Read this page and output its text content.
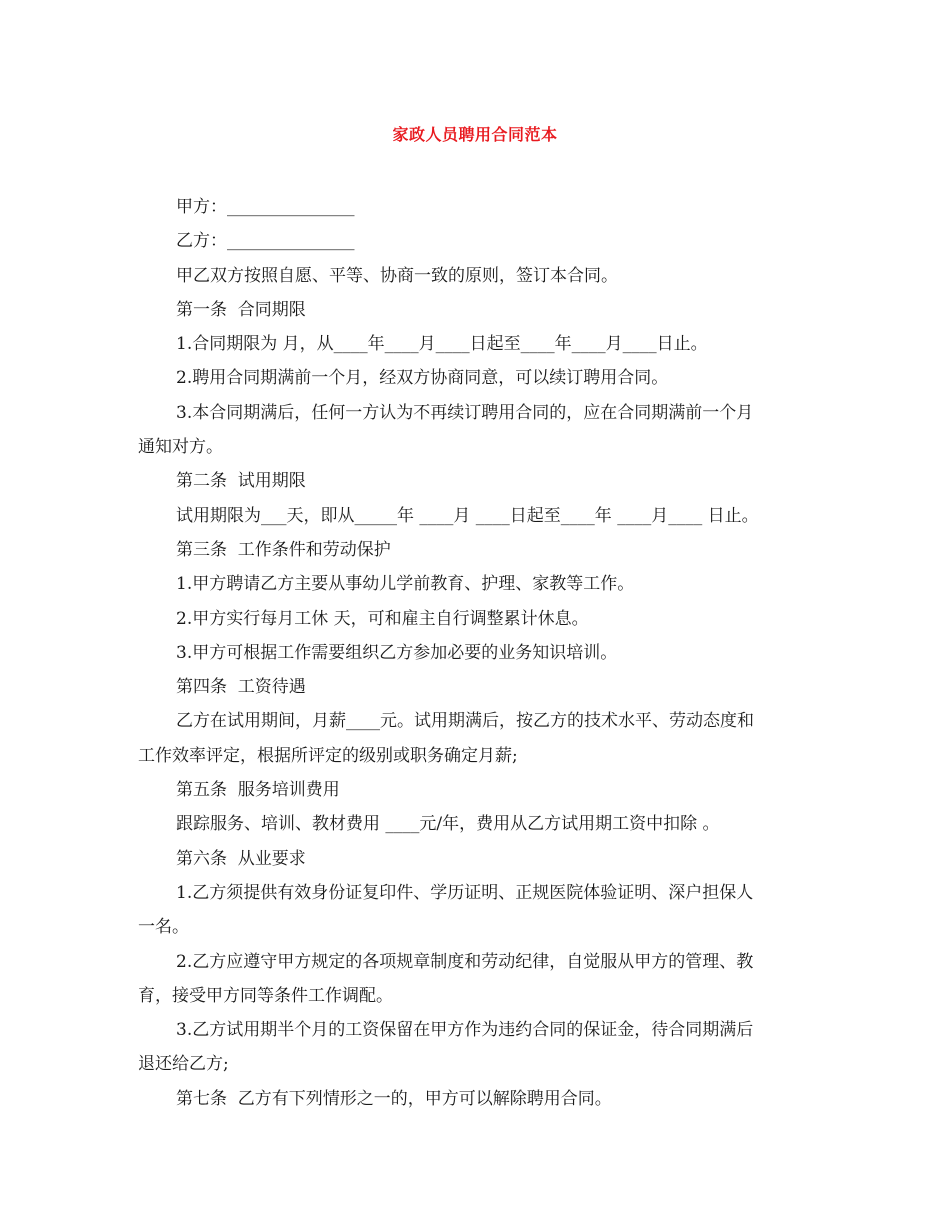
家政人员聘用合同范本
甲方：_______________
乙方：_______________
甲乙双方按照自愿、平等、协商一致的原则，签订本合同。
第一条  合同期限
1.合同期限为 月，从____年____月____日起至____年____月____日止。
2.聘用合同期满前一个月，经双方协商同意，可以续订聘用合同。
3.本合同期满后，任何一方认为不再续订聘用合同的，应在合同期满前一个月
通知对方。
第二条  试用期限
试用期限为___天，即从_____年 ____月 ____日起至____年 ____月____ 日止。
第三条  工作条件和劳动保护
1.甲方聘请乙方主要从事幼儿学前教育、护理、家教等工作。
2.甲方实行每月工休 天，可和雇主自行调整累计休息。
3.甲方可根据工作需要组织乙方参加必要的业务知识培训。
第四条  工资待遇
乙方在试用期间，月薪____元。试用期满后，按乙方的技术水平、劳动态度和
工作效率评定，根据所评定的级别或职务确定月薪;
第五条  服务培训费用
跟踪服务、培训、教材费用 ____元/年，费用从乙方试用期工资中扣除 。
第六条  从业要求
1.乙方须提供有效身份证复印件、学历证明、正规医院体验证明、深户担保人
一名。
2.乙方应遵守甲方规定的各项规章制度和劳动纪律，自觉服从甲方的管理、教
育，接受甲方同等条件工作调配。
3.乙方试用期半个月的工资保留在甲方作为违约合同的保证金，待合同期满后
退还给乙方;
第七条  乙方有下列情形之一的，甲方可以解除聘用合同。
